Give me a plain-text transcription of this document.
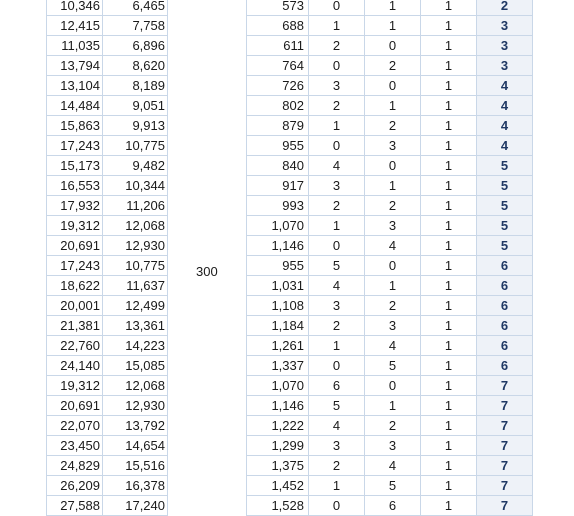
10,346	6,465	573	0	1	1	2
12,415	7,758	688	1	1	1	3
11,035	6,896	611	2	0	1	3
13,794	8,620	764	0	2	1	3
13,104	8,189	726	3	0	1	4
14,484	9,051	802	2	1	1	4
15,863	9,913	879	1	2	1	4
17,243	10,775	955	0	3	1	4
15,173	9,482	840	4	0	1	5
16,553	10,344	917	3	1	1	5
17,932	11,206	993	2	2	1	5
19,312	12,068	1,070	1	3	1	5
20,691	12,930	1,146	0	4	1	5
17,243	10,775	955	5	0	1	6
18,622	11,637	1,031	4	1	1	6
20,001	12,499	1,108	3	2	1	6
21,381	13,361	1,184	2	3	1	6
22,760	14,223	1,261	1	4	1	6
24,140	15,085	1,337	0	5	1	6
19,312	12,068	1,070	6	0	1	7
20,691	12,930	1,146	5	1	1	7
22,070	13,792	1,222	4	2	1	7
23,450	14,654	1,299	3	3	1	7
24,829	15,516	1,375	2	4	1	7
26,209	16,378	1,452	1	5	1	7
27,588	17,240	1,528	0	6	1	7
300
